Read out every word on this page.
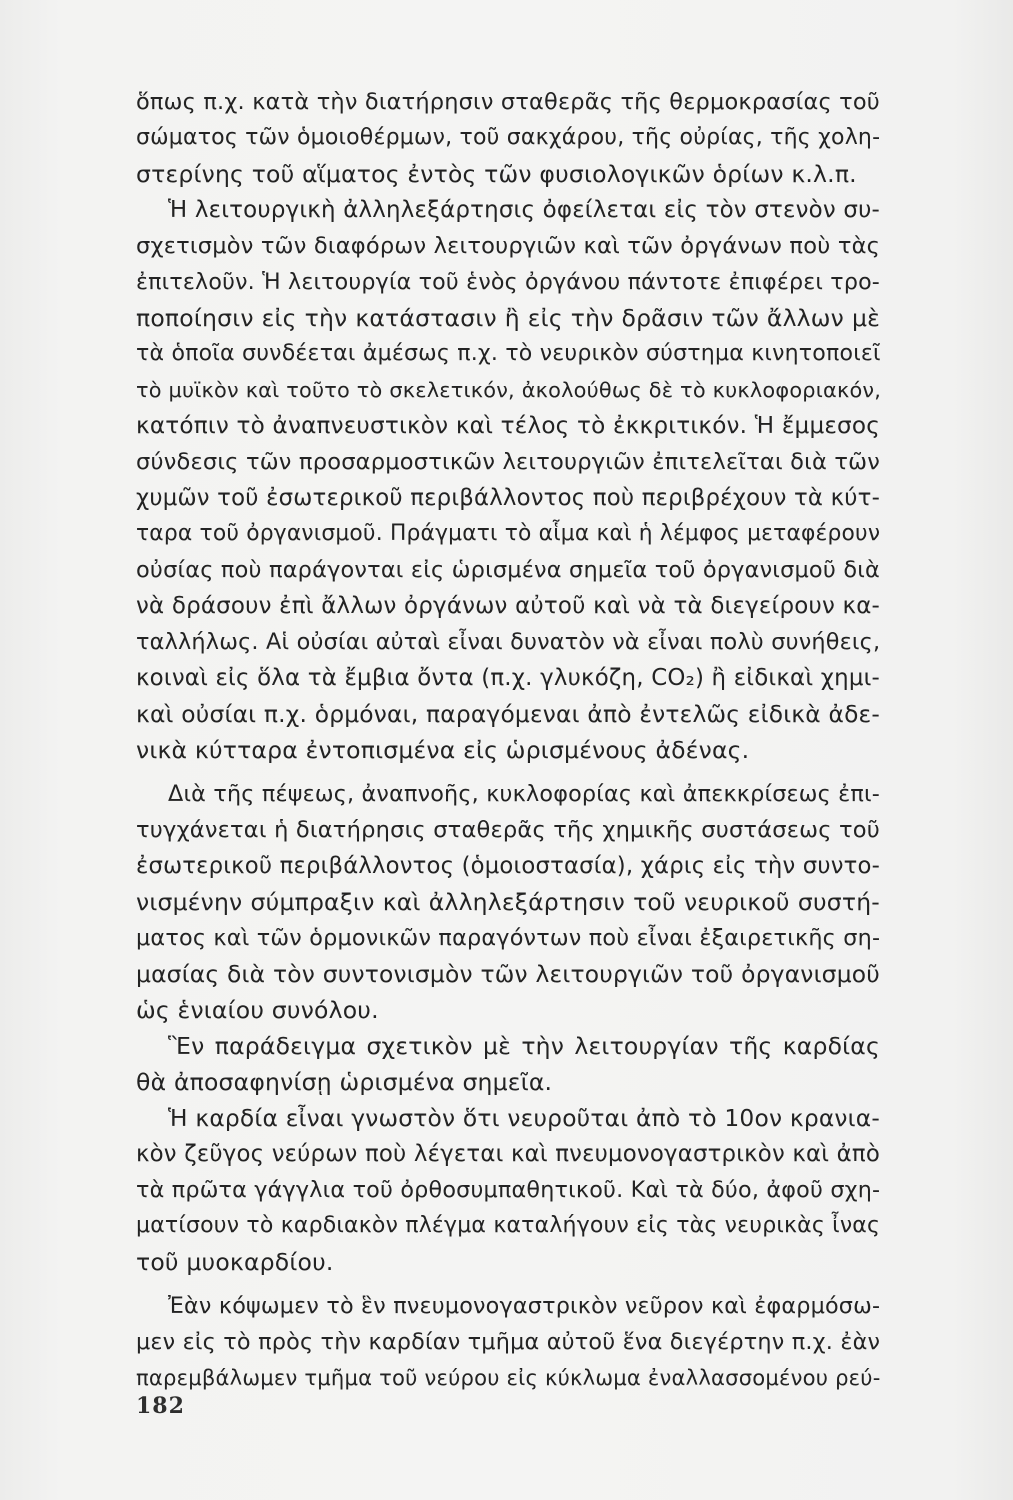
ὅπως π.χ. κατὰ τὴν διατήρησιν σταθερᾶς τῆς θερμοκρασίας τοῦ
σώματος τῶν ὁμοιοθέρμων, τοῦ σακχάρου, τῆς οὐρίας, τῆς χολη-
στερίνης τοῦ αἵματος ἐντὸς τῶν φυσιολογικῶν ὁρίων κ.λ.π.
Ἡ λειτουργικὴ ἀλληλεξάρτησις ὀφείλεται εἰς τὸν στενὸν συ-
σχετισμὸν τῶν διαφόρων λειτουργιῶν καὶ τῶν ὀργάνων ποὺ τὰς
ἐπιτελοῦν. Ἡ λειτουργία τοῦ ἑνὸς ὀργάνου πάντοτε ἐπιφέρει τρο-
ποποίησιν εἰς τὴν κατάστασιν ἢ εἰς τὴν δρᾶσιν τῶν ἄλλων μὲ
τὰ ὁποῖα συνδέεται ἀμέσως π.χ. τὸ νευρικὸν σύστημα κινητοποιεῖ
τὸ μυϊκὸν καὶ τοῦτο τὸ σκελετικόν, ἀκολούθως δὲ τὸ κυκλοφοριακόν,
κατόπιν τὸ ἀναπνευστικὸν καὶ τέλος τὸ ἐκκριτικόν. Ἡ ἔμμεσος
σύνδεσις τῶν προσαρμοστικῶν λειτουργιῶν ἐπιτελεῖται διὰ τῶν
χυμῶν τοῦ ἐσωτερικοῦ περιβάλλοντος ποὺ περιβρέχουν τὰ κύτ-
ταρα τοῦ ὀργανισμοῦ. Πράγματι τὸ αἷμα καὶ ἡ λέμφος μεταφέρουν
οὐσίας ποὺ παράγονται εἰς ὡρισμένα σημεῖα τοῦ ὀργανισμοῦ διὰ
νὰ δράσουν ἐπὶ ἄλλων ὀργάνων αὐτοῦ καὶ νὰ τὰ διεγείρουν κα-
ταλλήλως. Αἱ οὐσίαι αὐταὶ εἶναι δυνατὸν νὰ εἶναι πολὺ συνήθεις,
κοιναὶ εἰς ὅλα τὰ ἔμβια ὄντα (π.χ. γλυκόζη, CO₂) ἢ εἰδικαὶ χημι-
καὶ οὐσίαι π.χ. ὁρμόναι, παραγόμεναι ἀπὸ ἐντελῶς εἰδικὰ ἀδε-
νικὰ κύτταρα ἐντοπισμένα εἰς ὡρισμένους ἀδένας.
Διὰ τῆς πέψεως, ἀναπνοῆς, κυκλοφορίας καὶ ἀπεκκρίσεως ἐπι-
τυγχάνεται ἡ διατήρησις σταθερᾶς τῆς χημικῆς συστάσεως τοῦ
ἐσωτερικοῦ περιβάλλοντος (ὁμοιοστασία), χάρις εἰς τὴν συντο-
νισμένην σύμπραξιν καὶ ἀλληλεξάρτησιν τοῦ νευρικοῦ συστή-
ματος καὶ τῶν ὁρμονικῶν παραγόντων ποὺ εἶναι ἐξαιρετικῆς ση-
μασίας διὰ τὸν συντονισμὸν τῶν λειτουργιῶν τοῦ ὀργανισμοῦ
ὡς ἑνιαίου συνόλου.
Ἓν παράδειγμα σχετικὸν μὲ τὴν λειτουργίαν τῆς καρδίας
θὰ ἀποσαφηνίσῃ ὡρισμένα σημεῖα.
Ἡ καρδία εἶναι γνωστὸν ὅτι νευροῦται ἀπὸ τὸ 10ον κρανια-
κὸν ζεῦγος νεύρων ποὺ λέγεται καὶ πνευμονογαστρικὸν καὶ ἀπὸ
τὰ πρῶτα γάγγλια τοῦ ὀρθοσυμπαθητικοῦ. Καὶ τὰ δύο, ἀφοῦ σχη-
ματίσουν τὸ καρδιακὸν πλέγμα καταλήγουν εἰς τὰς νευρικὰς ἶνας
τοῦ μυοκαρδίου.
Ἐὰν κόψωμεν τὸ ἓν πνευμονογαστρικὸν νεῦρον καὶ ἐφαρμόσω-
μεν εἰς τὸ πρὸς τὴν καρδίαν τμῆμα αὐτοῦ ἕνα διεγέρτην π.χ. ἐὰν
παρεμβάλωμεν τμῆμα τοῦ νεύρου εἰς κύκλωμα ἐναλλασσομένου ρεύ-
182
